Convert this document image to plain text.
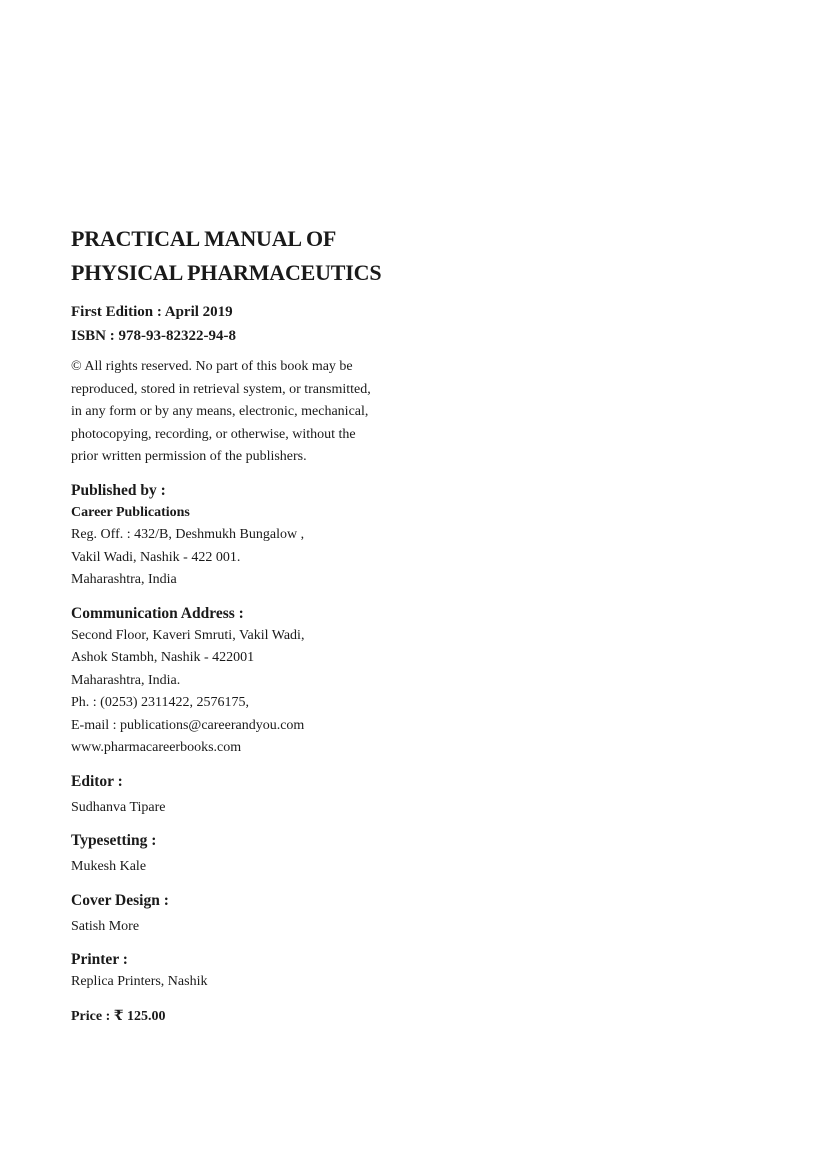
PRACTICAL MANUAL OF
PHYSICAL PHARMACEUTICS
First Edition : April 2019
ISBN : 978-93-82322-94-8
© All rights reserved. No part of this book may be
reproduced, stored in retrieval system, or transmitted,
in any form or by any means, electronic, mechanical,
photocopying, recording, or otherwise, without the
prior written permission of the publishers.
Published by :
Career Publications
Reg. Off. : 432/B, Deshmukh Bungalow ,
Vakil Wadi, Nashik - 422 001.
Maharashtra, India
Communication Address :
Second Floor, Kaveri Smruti, Vakil Wadi,
Ashok Stambh, Nashik - 422001
Maharashtra, India.
Ph. : (0253) 2311422, 2576175,
E-mail : publications@careerandyou.com
www.pharmacareerbooks.com
Editor :
Sudhanva Tipare
Typesetting :
Mukesh Kale
Cover Design :
Satish More
Printer :
Replica Printers, Nashik
Price : ₹ 125.00
